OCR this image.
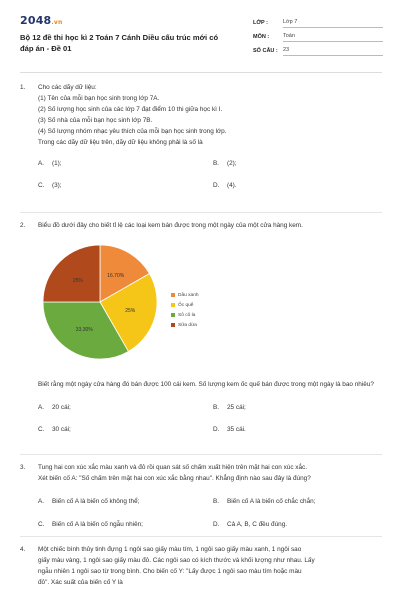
2048.vn
Bộ 12 đề thi học kì 2 Toán 7 Cánh Diều cấu trúc mới có đáp án - Đề 01
LỚP :	Lớp 7
MÔN :	Toán
SỐ CÂU : 23
1. Cho các dãy dữ liệu:

(1) Tên của mỗi bạn học sinh trong lớp 7A.

(2) Số lượng học sinh của các lớp 7 đạt điểm 10 thi giữa học kì I.

(3) Số nhà của mỗi bạn học sinh lớp 7B.

(4) Số lượng nhóm nhạc yêu thích của mỗi bạn học sinh trong lớp.

Trong các dãy dữ liệu trên, dãy dữ liệu không phải là số là

A. (1);	B. (2);
C. (3);	D. (4).
2. Biểu đồ dưới đây cho biết tỉ lệ các loại kem bán được trong một ngày của một cửa hàng kem.

16.70%
25%
33.30%
25%
Dâu xanh
Ốc quế
Sô cô la
Sữa dừa

Biết rằng một ngày cửa hàng đó bán được 100 cái kem. Số lượng kem ốc quế bán được trong một ngày là bao nhiêu?

A. 20 cái;	B. 25 cái;
C. 30 cái;	D. 35 cái.
3. Tung hai con xúc xắc màu xanh và đỏ rồi quan sát số chấm xuất hiện trên mặt hai con xúc xắc.

Xét biến cố A: "Số chấm trên mặt hai con xúc xắc bằng nhau". Khẳng định nào sau đây là đúng?

A. Biến cố A là biến cố không thể;	B. Biến cố A là biến cố chắc chắn;
C. Biến cố A là biến cố ngẫu nhiên;	D. Cả A, B, C đều đúng.
4. Một chiếc bình thủy tinh đựng 1 ngôi sao giấy màu tím, 1 ngôi sao giấy màu xanh, 1 ngôi sao

giấy màu vàng, 1 ngôi sao giấy màu đỏ. Các ngôi sao có kích thước và khối lượng như nhau. Lấy

ngẫu nhiên 1 ngôi sao từ trong bình. Cho biến cố Y: "Lấy được 1 ngôi sao màu tím hoặc màu

đỏ". Xác suất của biến cố Y là
